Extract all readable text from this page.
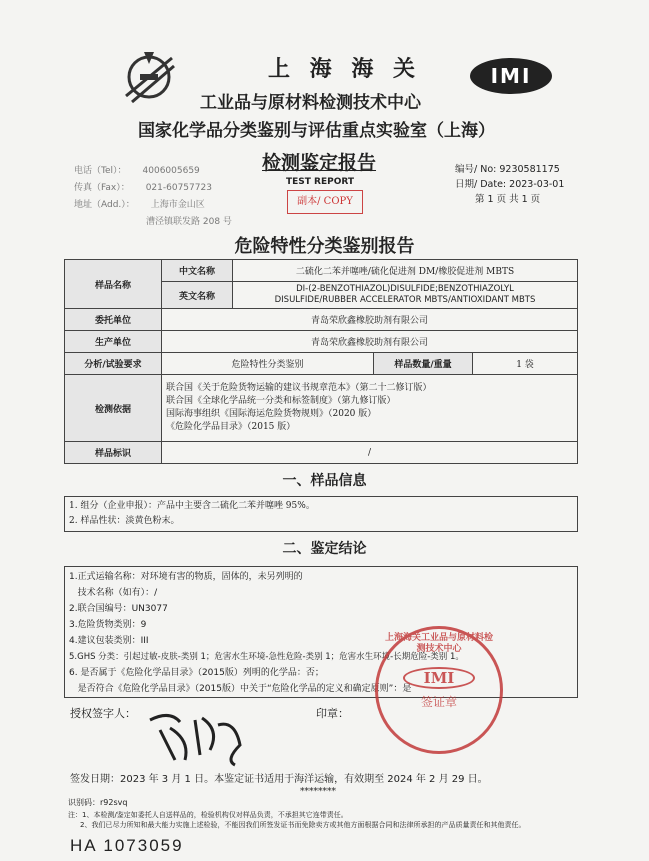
上 海 海 关
工业品与原材料检测技术中心
国家化学品分类鉴别与评估重点实验室（上海）
IMI
检测鉴定报告
TEST REPORT
副本/ COPY
电话（Tel）： 4006005659
传真（Fax）： 021-60757723
地址（Add.）： 上海市金山区
漕泾镇联发路 208 号
编号/ No: 9230581175
日期/ Date: 2023-03-01
第 1 页 共 1 页
危险特性分类鉴别报告
样品名称	中文名称	二硫化二苯并噻唑/硫化促进剂 DM/橡胶促进剂 MBTS		
	英文名称	DI-(2-BENZOTHIAZOL)DISULFIDE;BENZOTHIAZOLYL
DISULFIDE/RUBBER ACCELERATOR MBTS/ANTIOXIDANT MBTS		

委托单位	青岛荣欣鑫橡胶助剂有限公司			
生产单位	青岛荣欣鑫橡胶助剂有限公司			
分析/试验要求	危险特性分类鉴别		样品数量/重量	1 袋
检测依据	联合国《关于危险货物运输的建议书规章范本》（第二十二修订版）
联合国《全球化学品统一分类和标签制度》（第九修订版）
国际海事组织《国际海运危险货物规则》（2020 版）
《危险化学品目录》（2015 版）			

样品标识	/			
一、样品信息
1. 组分（企业申报）：产品中主要含二硫化二苯并噻唑 95%。
2. 样品性状：淡黄色粉末。
二、鉴定结论
1.正式运输名称：对环境有害的物质，固体的，未另列明的
技术名称（如有）：/
2.联合国编号：UN3077
3.危险货物类别：9
4.建议包装类别：III
5.GHS 分类：引起过敏-皮肤-类别 1；危害水生环境-急性危险-类别 1；危害水生环境-长期危险-类别 1。
6. 是否属于《危险化学品目录》（2015版）列明的化学品：否；
是否符合《危险化学品目录》（2015版）中关于“危险化学品的定义和确定原则”：是
授权签字人：	印章：
上海海关工业品与原材料检测技术中心
IMI
签证章
签发日期：2023 年 3 月 1 日。本鉴定证书适用于海洋运输，有效期至 2024 年 2 月 29 日。
********
识别码：r92svq
注：1、本检测/鉴定如委托人自送样品的，检验机构仅对样品负责，不承担其它连带责任。
2、我们已尽力所知和最大能力实施上述检验，不能因我们所签发证书而免除卖方或其他方面根据合同和法律所承担的产品质量责任和其他责任。
HA 1073059
